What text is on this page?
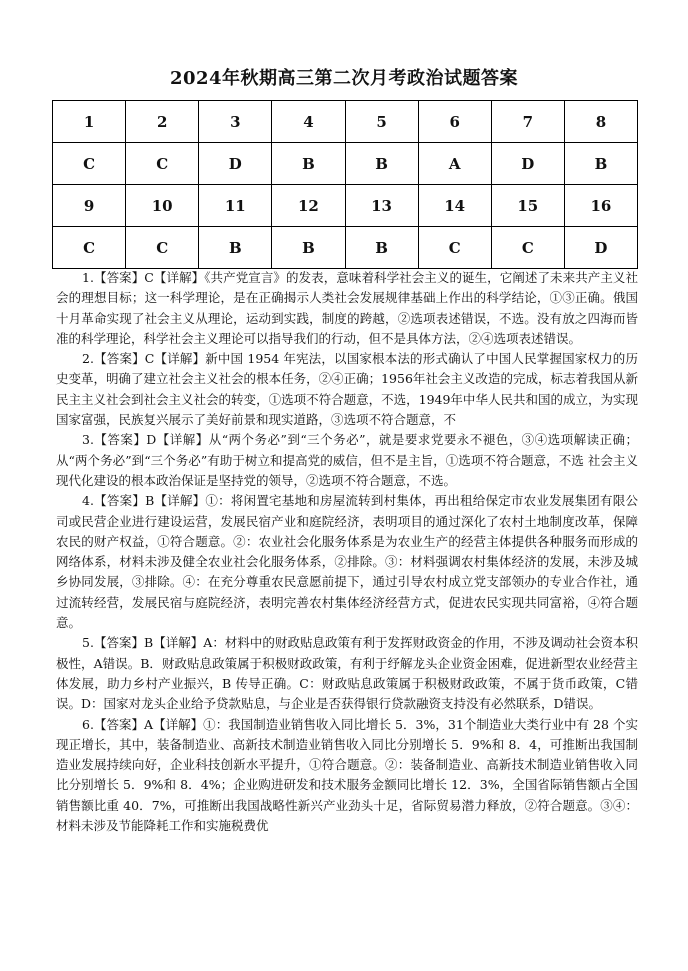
2024年秋期高三第二次月考政治试题答案
1	2	3	4	5	6	7	8
C	C	D	B	B	A	D	B
9	10	11	12	13	14	15	16
C	C	B	B	B	C	C	D

1.【答案】C【详解】《共产党宣言》的发表，意味着科学社会主义的诞生，它阐述了未来共产主义社会的理想目标；这一科学理论，是在正确揭示人类社会发展规律基础上作出的科学结论，①③正确。俄国十月革命实现了社会主义从理论，运动到实践，制度的跨越，②选项表述错误，不选。没有放之四海而皆准的科学理论，科学社会主义理论可以指导我们的行动，但不是具体方法，②④选项表述错误。

2.【答案】C【详解】新中国 1954 年宪法，以国家根本法的形式确认了中国人民掌握国家权力的历史变革，明确了建立社会主义社会的根本任务，②④正确；1956年社会主义改造的完成，标志着我国从新民主主义社会到社会主义社会的转变，①选项不符合题意，不选，1949年中华人民共和国的成立，为实现国家富强，民族复兴展示了美好前景和现实道路，③选项不符合题意，不

3.【答案】D【详解】从“两个务必”到“三个务必”，就是要求党要永不褪色，③④选项解读正确；从“两个务必”到“三个务必”有助于树立和提高党的威信，但不是主旨，①选项不符合题意，不选 社会主义现代化建设的根本政治保证是坚持党的领导，②选项不符合题意，不选。

4.【答案】B【详解】①：将闲置宅基地和房屋流转到村集体，再出租给保定市农业发展集团有限公司或民营企业进行建设运营，发展民宿产业和庭院经济，表明项目的通过深化了农村土地制度改革，保障农民的财产权益，①符合题意。②：农业社会化服务体系是为农业生产的经营主体提供各种服务而形成的网络体系，材料未涉及健全农业社会化服务体系，②排除。③：材料强调农村集体经济的发展，未涉及城乡协同发展，③排除。④：在充分尊重农民意愿前提下，通过引导农村成立党支部领办的专业合作社，通过流转经营，发展民宿与庭院经济，表明完善农村集体经济经营方式，促进农民实现共同富裕，④符合题意。

5.【答案】B【详解】A：材料中的财政贴息政策有利于发挥财政资金的作用，不涉及调动社会资本积极性，A错误。B．财政贴息政策属于积极财政政策，有利于纾解龙头企业资金困难，促进新型农业经营主体发展，助力乡村产业振兴，B 传导正确。C：财政贴息政策属于积极财政政策，不属于货币政策，C错误。D：国家对龙头企业给予贷款贴息，与企业是否获得银行贷款融资支持没有必然联系，D错误。

6.【答案】A【详解】①：我国制造业销售收入同比增长 5．3%，31个制造业大类行业中有 28 个实现正增长，其中，装备制造业、高新技术制造业销售收入同比分别增长 5．9%和 8．4，可推断出我国制造业发展持续向好，企业科技创新水平提升，①符合题意。②：装备制造业、高新技术制造业销售收入同比分别增长 5．9%和 8．4%；企业购进研发和技术服务金额同比增长 12．3%，全国省际销售额占全国销售额比重 40．7%，可推断出我国战略性新兴产业劲头十足，省际贸易潜力释放，②符合题意。③④：材料未涉及节能降耗工作和实施税费优
